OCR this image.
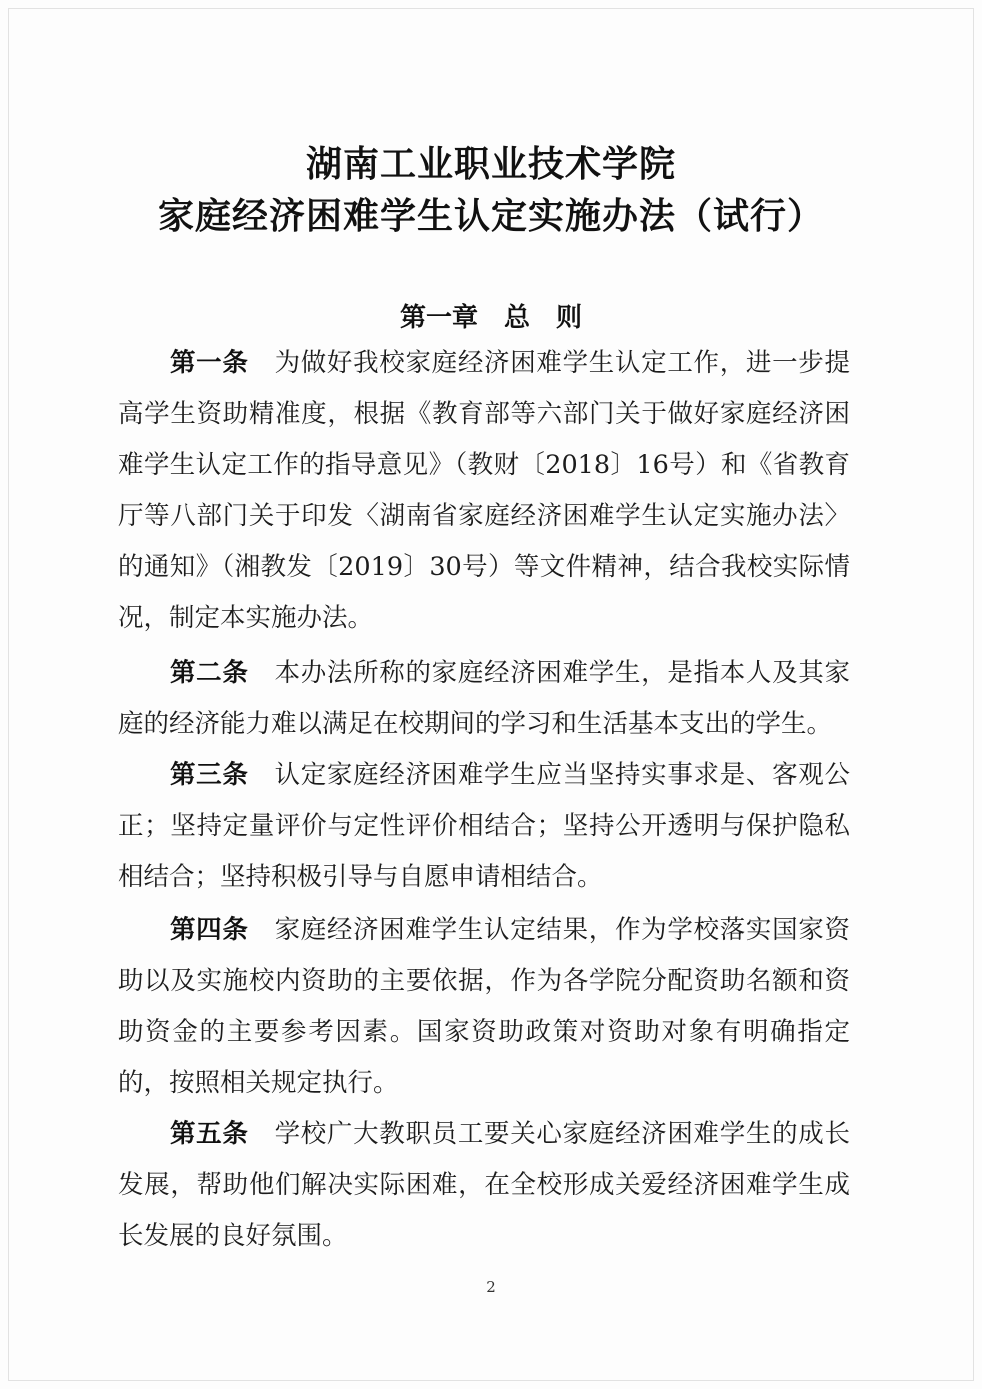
湖南工业职业技术学院
家庭经济困难学生认定实施办法（试行）
第一章　总　则

第一条 为做好我校家庭经济困难学生认定工作，进一步提高学生资助精准度，根据《教育部等六部门关于做好家庭经济困难学生认定工作的指导意见》（教财〔2018〕16号）和《省教育厅等八部门关于印发〈湖南省家庭经济困难学生认定实施办法〉的通知》（湘教发〔2019〕30号）等文件精神，结合我校实际情况，制定本实施办法。

第二条 本办法所称的家庭经济困难学生，是指本人及其家庭的经济能力难以满足在校期间的学习和生活基本支出的学生。

第三条 认定家庭经济困难学生应当坚持实事求是、客观公正；坚持定量评价与定性评价相结合；坚持公开透明与保护隐私相结合；坚持积极引导与自愿申请相结合。

第四条 家庭经济困难学生认定结果，作为学校落实国家资助以及实施校内资助的主要依据，作为各学院分配资助名额和资助资金的主要参考因素。国家资助政策对资助对象有明确指定的，按照相关规定执行。

第五条 学校广大教职员工要关心家庭经济困难学生的成长发展，帮助他们解决实际困难，在全校形成关爱经济困难学生成长发展的良好氛围。

2
